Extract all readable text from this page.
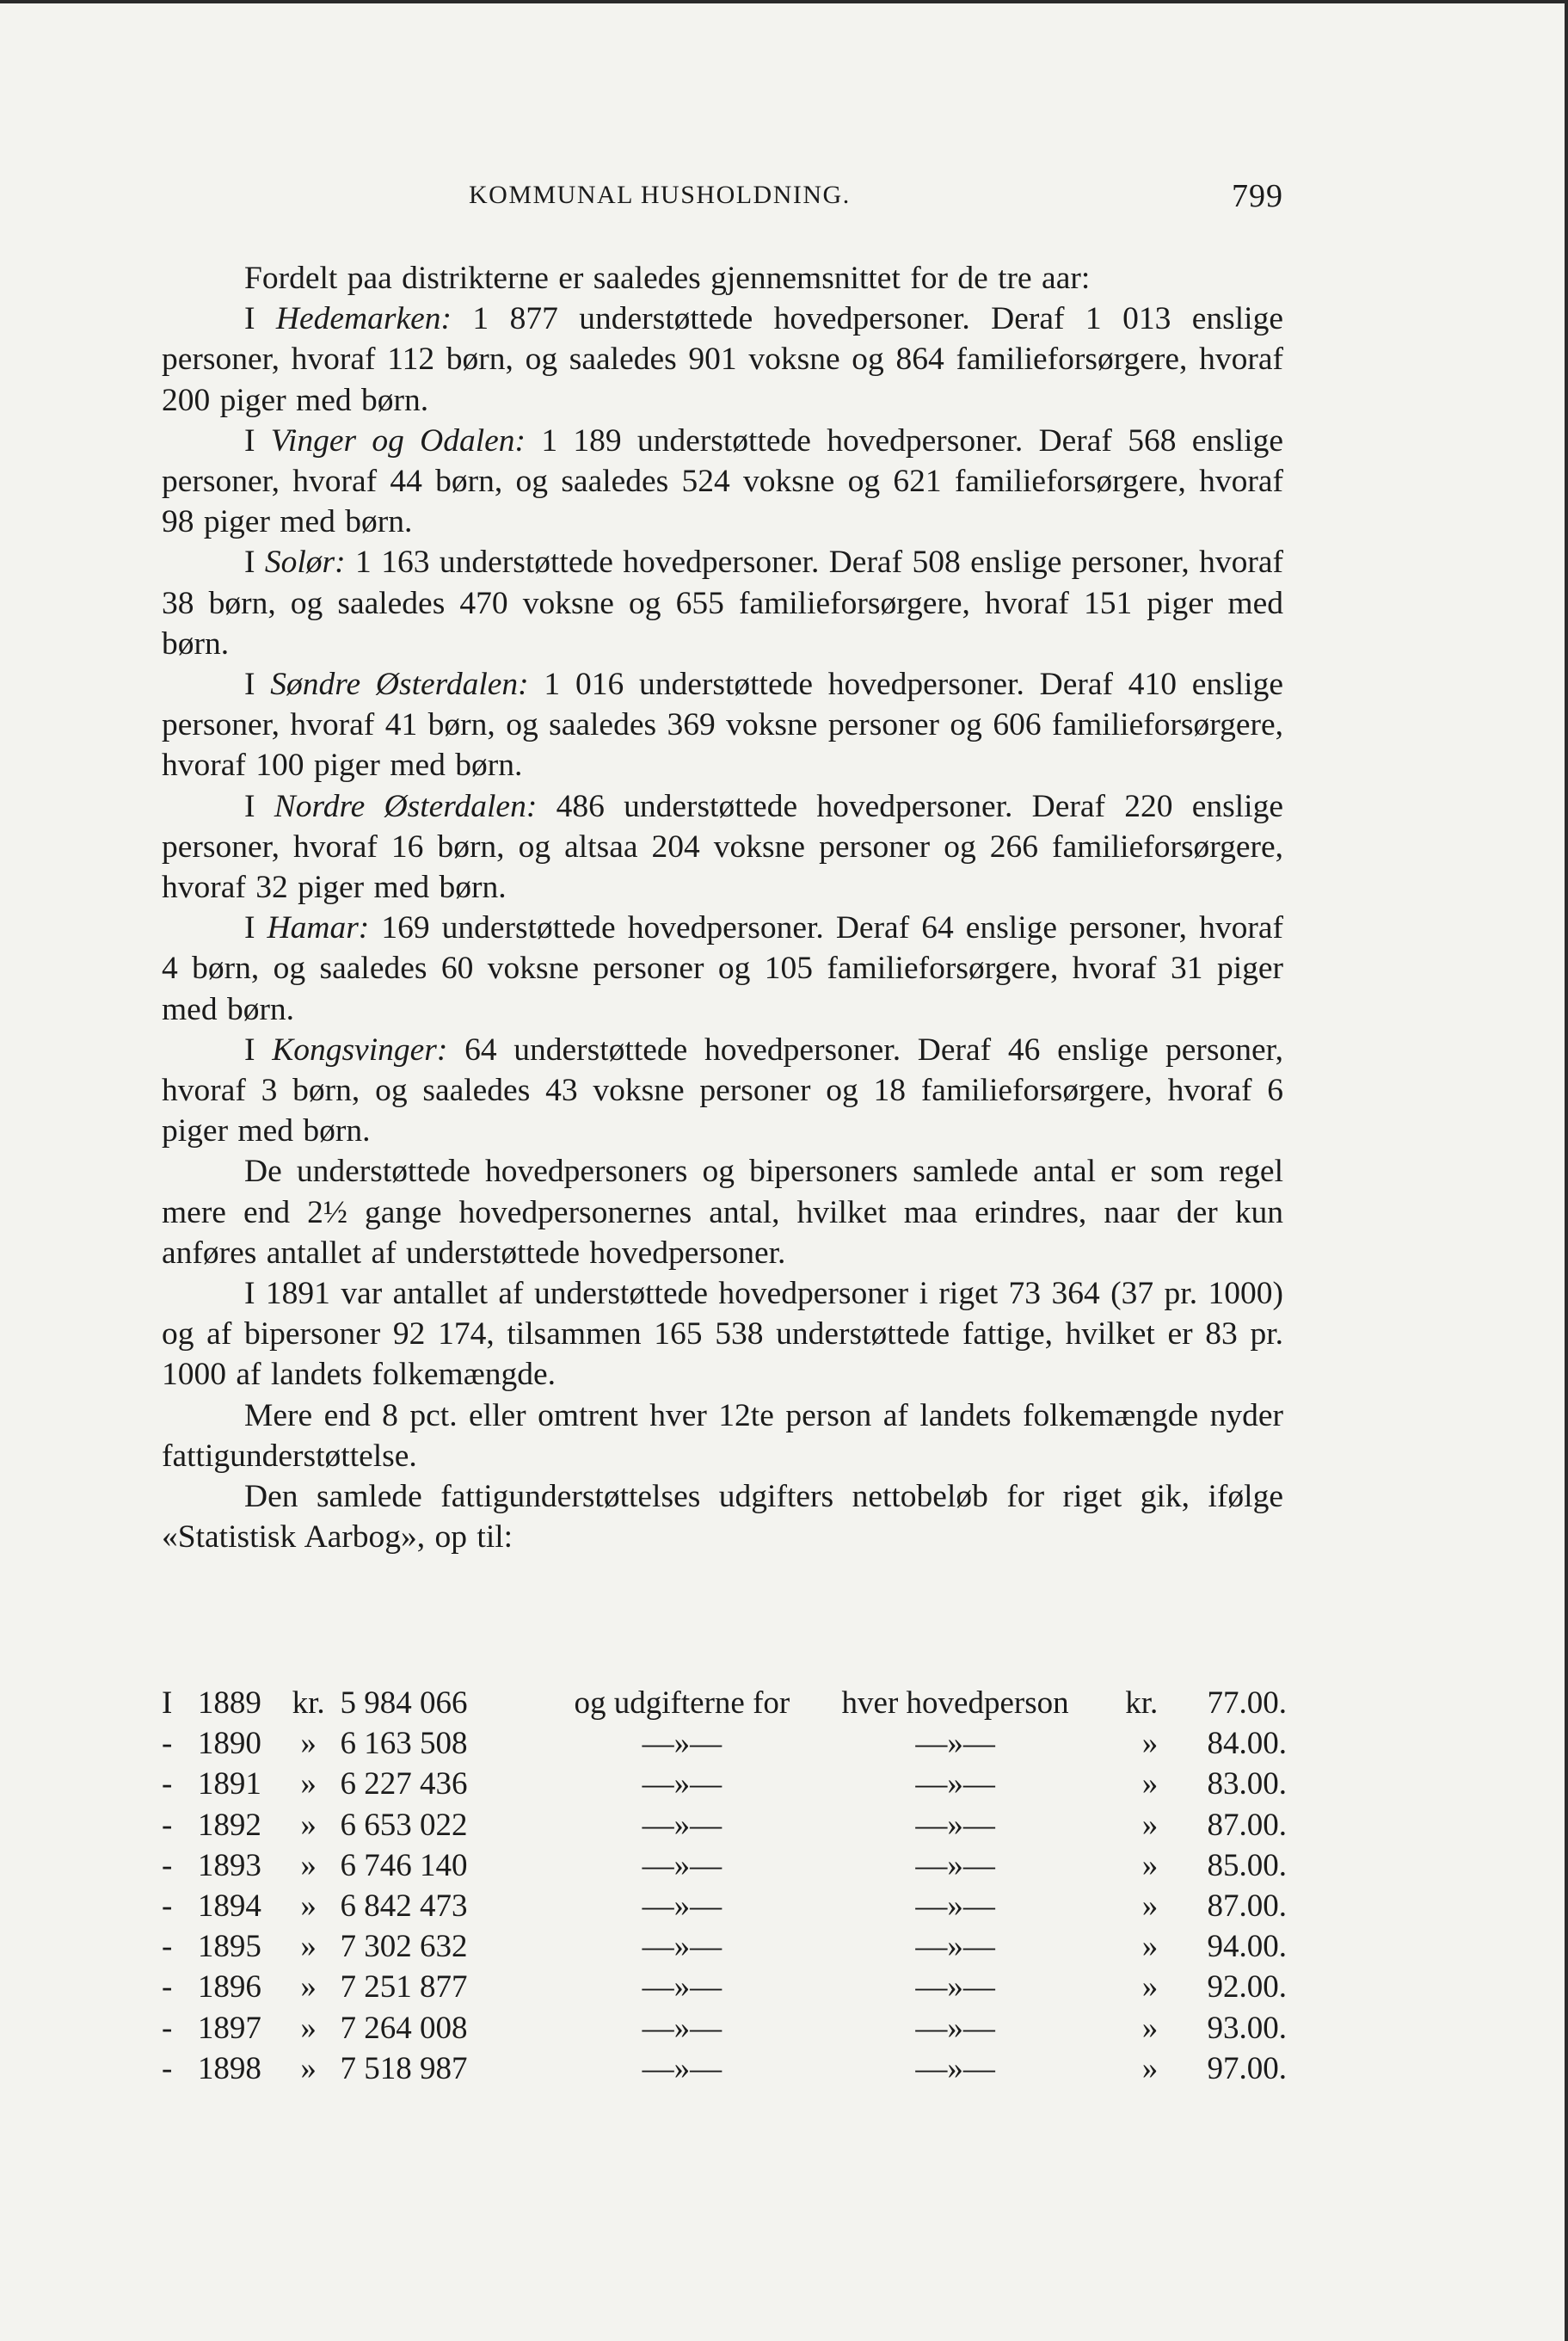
KOMMUNAL HUSHOLDNING.	799

Fordelt paa distrikterne er saaledes gjennemsnittet for de tre aar:

I Hedemarken: 1 877 understøttede hovedpersoner. Deraf 1 013 enslige personer, hvoraf 112 børn, og saaledes 901 voksne og 864 familieforsørgere, hvoraf 200 piger med børn.

I Vinger og Odalen: 1 189 understøttede hovedpersoner. Deraf 568 enslige personer, hvoraf 44 børn, og saaledes 524 voksne og 621 familieforsørgere, hvoraf 98 piger med børn.

I Solør: 1 163 understøttede hovedpersoner. Deraf 508 enslige personer, hvoraf 38 børn, og saaledes 470 voksne og 655 familieforsørgere, hvoraf 151 piger med børn.

I Søndre Østerdalen: 1 016 understøttede hovedpersoner. Deraf 410 enslige personer, hvoraf 41 børn, og saaledes 369 voksne personer og 606 familieforsørgere, hvoraf 100 piger med børn.

I Nordre Østerdalen: 486 understøttede hovedpersoner. Deraf 220 enslige personer, hvoraf 16 børn, og altsaa 204 voksne personer og 266 familieforsørgere, hvoraf 32 piger med børn.

I Hamar: 169 understøttede hovedpersoner. Deraf 64 enslige personer, hvoraf 4 børn, og saaledes 60 voksne personer og 105 familieforsørgere, hvoraf 31 piger med børn.

I Kongsvinger: 64 understøttede hovedpersoner. Deraf 46 enslige personer, hvoraf 3 børn, og saaledes 43 voksne personer og 18 familieforsørgere, hvoraf 6 piger med børn.

De understøttede hovedpersoners og bipersoners samlede antal er som regel mere end 2½ gange hovedpersonernes antal, hvilket maa erindres, naar der kun anføres antallet af understøttede hovedpersoner.

I 1891 var antallet af understøttede hovedpersoner i riget 73 364 (37 pr. 1000) og af bipersoner 92 174, tilsammen 165 538 understøttede fattige, hvilket er 83 pr. 1000 af landets folkemængde.

Mere end 8 pct. eller omtrent hver 12te person af landets folkemængde nyder fattigunderstøttelse.

Den samlede fattigunderstøttelses udgifters nettobeløb for riget gik, ifølge «Statistisk Aarbog», op til:

I	1889	kr.	5 984 066	og udgifterne for	hver hovedperson	kr.	77.00.
-	1890	»	6 163 508	—»—	—»—	»	84.00.
-	1891	»	6 227 436	—»—	—»—	»	83.00.
-	1892	»	6 653 022	—»—	—»—	»	87.00.
-	1893	»	6 746 140	—»—	—»—	»	85.00.
-	1894	»	6 842 473	—»—	—»—	»	87.00.
-	1895	»	7 302 632	—»—	—»—	»	94.00.
-	1896	»	7 251 877	—»—	—»—	»	92.00.
-	1897	»	7 264 008	—»—	—»—	»	93.00.
-	1898	»	7 518 987	—»—	—»—	»	97.00.
